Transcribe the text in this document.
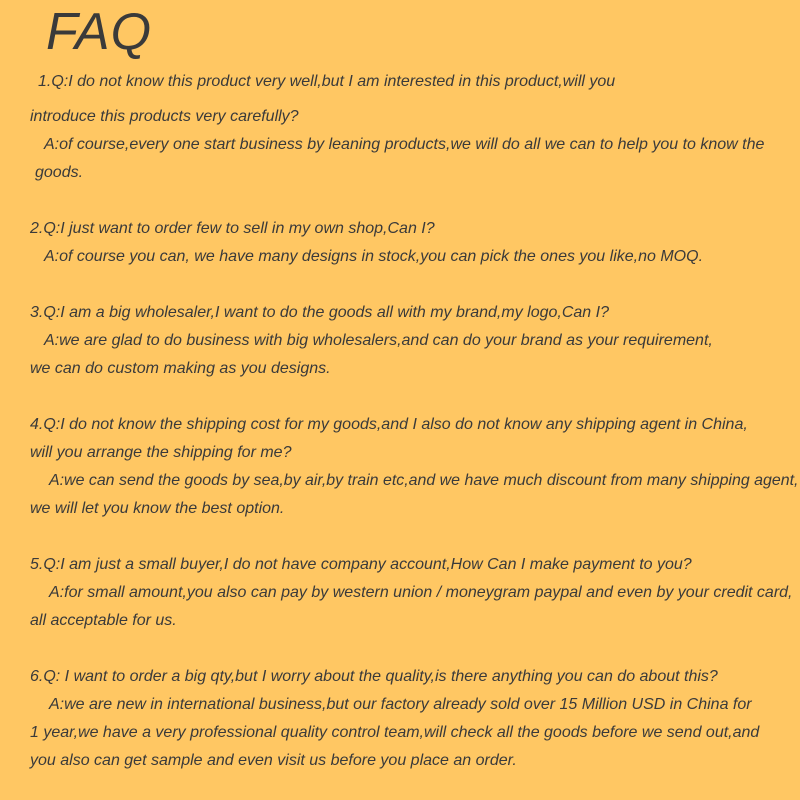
FAQ
1.Q:I do not know this product very well,but I am interested in this product,will you
introduce this products very carefully?
A:of course,every one start business by leaning products,we will do all we can to help you to know the
goods.
2.Q:I just want to order few to sell in my own shop,Can I?
A:of course you can, we have many designs in stock,you can pick the ones you like,no MOQ.
3.Q:I am a big wholesaler,I want to do the goods all with my brand,my logo,Can I?
A:we are glad to do business with big wholesalers,and can do your brand as your requirement,
we can do custom making as you designs.
4.Q:I do not know the shipping cost for my goods,and I also do not know any shipping agent in China,
will you arrange the shipping for me?
A:we can send the goods by sea,by air,by train etc,and we have much discount from many shipping agent,
we will let you know the best option.
5.Q:I am just a small buyer,I do not have company account,How Can I make payment to you?
A:for small amount,you also can pay by western union / moneygram paypal and even by your credit card,
all acceptable for us.
6.Q: I want to order a big qty,but I worry about the quality,is there anything you can do about this?
A:we are new in international business,but our factory already sold over 15 Million USD in China for
1 year,we have a very professional quality control team,will check all the goods before we send out,and
you also can get sample and even visit us before you place an order.
